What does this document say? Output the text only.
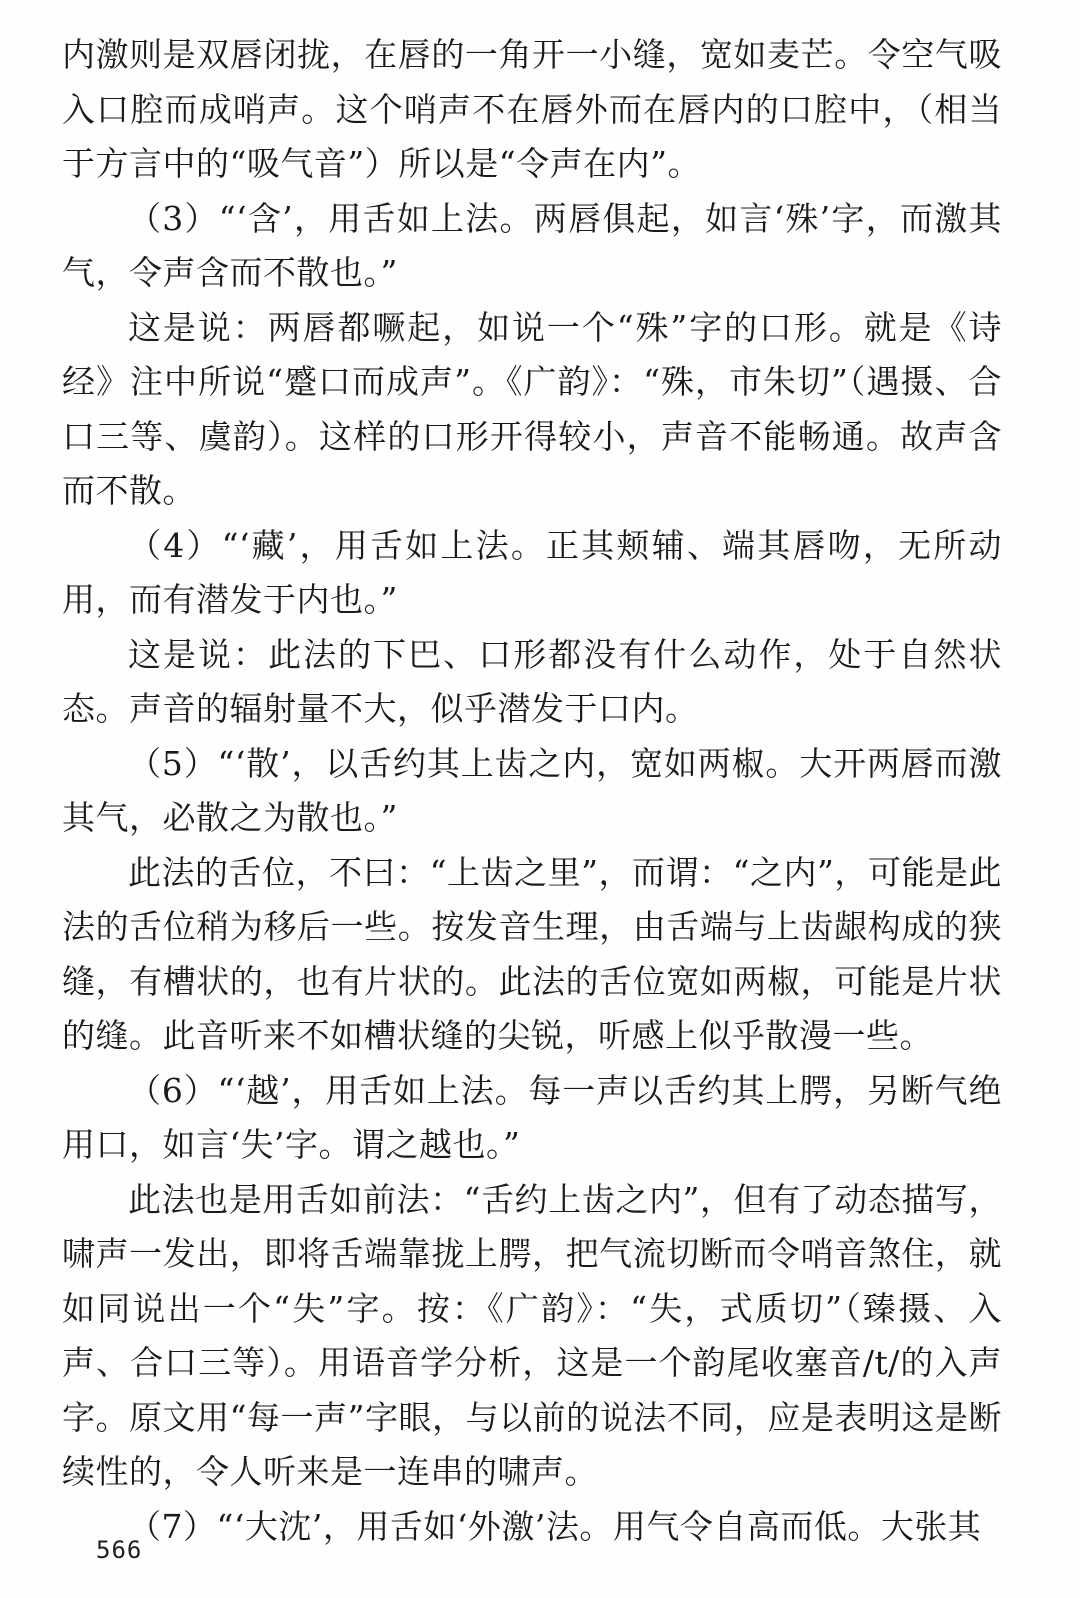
内激则是双唇闭拢，在唇的一角开一小缝，宽如麦芒。令空气吸入口腔而成哨声。这个哨声不在唇外而在唇内的口腔中，（相当于方言中的“吸气音”）所以是“令声在内”。

（3）“‘含’，用舌如上法。两唇俱起，如言‘殊’字，而激其气，令声含而不散也。”

这是说：两唇都噘起，如说一个“殊”字的口形。就是《诗经》注中所说“蹙口而成声”。《广韵》：“殊，市朱切”（遇摄、合口三等、虞韵）。这样的口形开得较小，声音不能畅通。故声含而不散。

（4）“‘藏’，用舌如上法。正其颊辅、端其唇吻，无所动用，而有潜发于内也。”

这是说：此法的下巴、口形都没有什么动作，处于自然状态。声音的辐射量不大，似乎潜发于口内。

（5）“‘散’，以舌约其上齿之内，宽如两椒。大开两唇而激其气，必散之为散也。”

此法的舌位，不曰：“上齿之里”，而谓：“之内”，可能是此法的舌位稍为移后一些。按发音生理，由舌端与上齿龈构成的狭缝，有槽状的，也有片状的。此法的舌位宽如两椒，可能是片状的缝。此音听来不如槽状缝的尖锐，听感上似乎散漫一些。

（6）“‘越’，用舌如上法。每一声以舌约其上腭，另断气绝用口，如言‘失’字。谓之越也。”

此法也是用舌如前法：“舌约上齿之内”，但有了动态描写，啸声一发出，即将舌端靠拢上腭，把气流切断而令哨音煞住，就如同说出一个“失”字。按：《广韵》：“失，式质切”（臻摄、入声、合口三等）。用语音学分析，这是一个韵尾收塞音/t/的入声字。原文用“每一声”字眼，与以前的说法不同，应是表明这是断续性的，令人听来是一连串的啸声。

（7）“‘大沈’，用舌如‘外激’法。用气令自高而低。大张其

566
